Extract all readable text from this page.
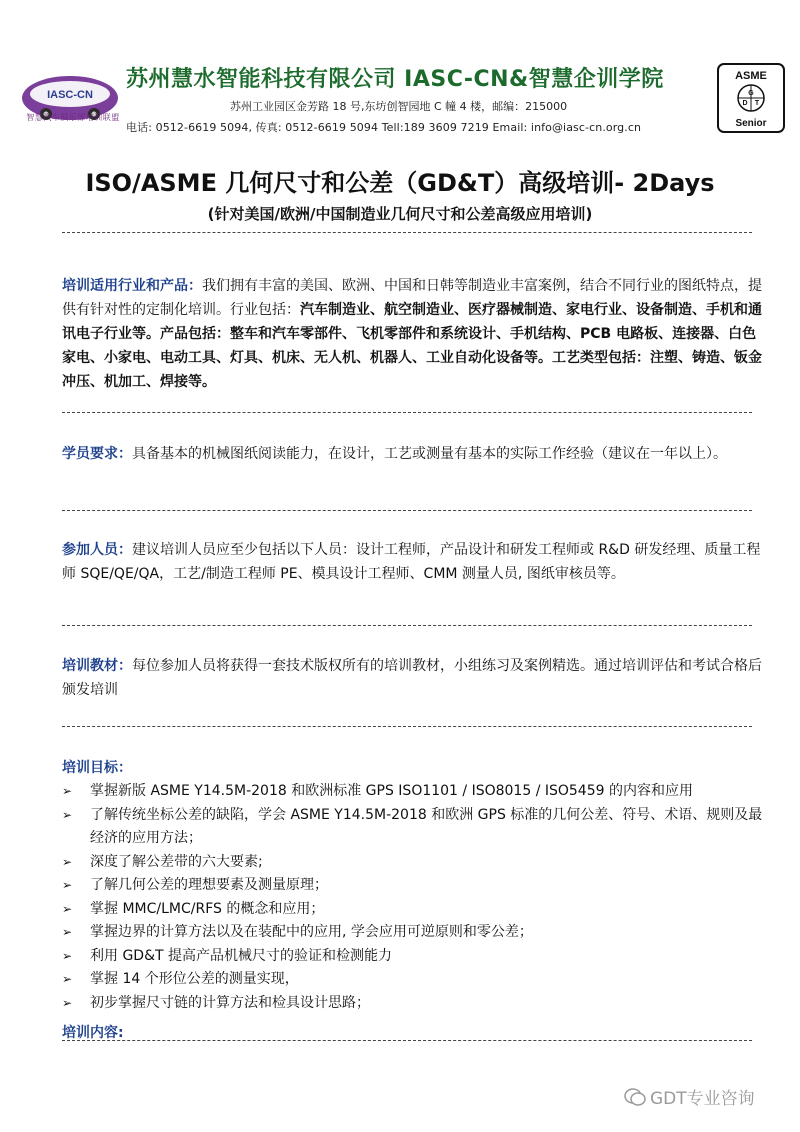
IASC-CN
智慧汽车俱乐部培训联盟
苏州慧水智能科技有限公司 IASC-CN&智慧企训学院
苏州工业园区金芳路 18 号,东坊创智园地 C 幢 4 楼，邮编：215000
电话: 0512-6619 5094, 传真: 0512-6619 5094 Tell:189 3609 7219 Email: info@iasc-cn.org.cn
ASME
G
D T
Senior
ISO/ASME 几何尺寸和公差（GD&T）高级培训- 2Days
(针对美国/欧洲/中国制造业几何尺寸和公差高级应用培训)
培训适用行业和产品：我们拥有丰富的美国、欧洲、中国和日韩等制造业丰富案例，结合不同行业的图纸特点，提供有针对性的定制化培训。行业包括：汽车制造业、航空制造业、医疗器械制造、家电行业、设备制造、手机和通讯电子行业等。产品包括：整车和汽车零部件、飞机零部件和系统设计、手机结构、PCB 电路板、连接器、白色家电、小家电、电动工具、灯具、机床、无人机、机器人、工业自动化设备等。工艺类型包括：注塑、铸造、钣金冲压、机加工、焊接等。
学员要求：具备基本的机械图纸阅读能力，在设计，工艺或测量有基本的实际工作经验（建议在一年以上）。
参加人员：建议培训人员应至少包括以下人员：设计工程师，产品设计和研发工程师或 R&D 研发经理、质量工程师 SQE/QE/QA，工艺/制造工程师 PE、模具设计工程师、CMM 测量人员, 图纸审核员等。
培训教材：每位参加人员将获得一套技术版权所有的培训教材，小组练习及案例精选。通过培训评估和考试合格后颁发培训
培训目标：
➢ 掌握新版 ASME Y14.5M-2018 和欧洲标准 GPS ISO1101 / ISO8015 / ISO5459 的内容和应用
➢ 了解传统坐标公差的缺陷，学会 ASME Y14.5M-2018 和欧洲 GPS 标准的几何公差、符号、术语、规则及最经济的应用方法；
➢ 深度了解公差带的六大要素;
➢ 了解几何公差的理想要素及测量原理；
➢ 掌握 MMC/LMC/RFS 的概念和应用；
➢ 掌握边界的计算方法以及在装配中的应用, 学会应用可逆原则和零公差；
➢ 利用 GD&T 提高产品机械尺寸的验证和检测能力
➢ 掌握 14 个形位公差的测量实现，
➢ 初步掌握尺寸链的计算方法和检具设计思路；
培训内容:
GDT专业咨询
